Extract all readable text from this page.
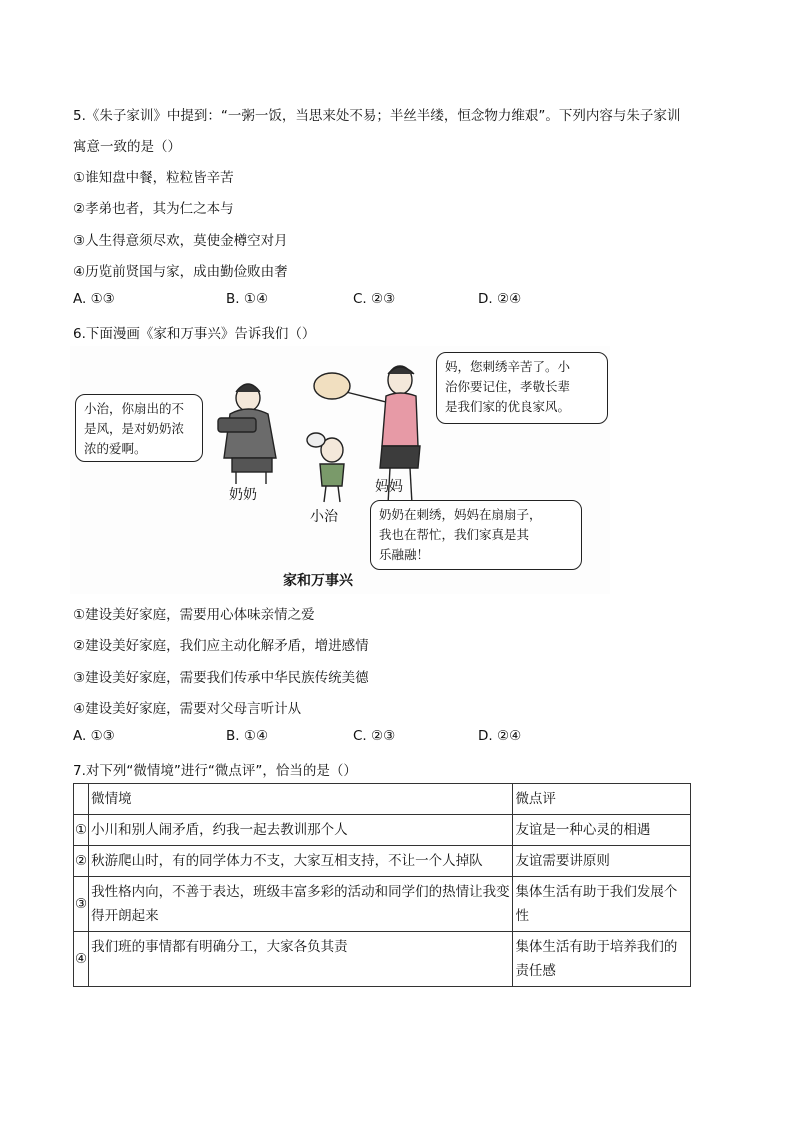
5.《朱子家训》中提到：“一粥一饭，当思来处不易；半丝半缕，恒念物力维艰”。下列内容与朱子家训
寓意一致的是（）
①谁知盘中餐，粒粒皆辛苦
②孝弟也者，其为仁之本与
③人生得意须尽欢，莫使金樽空对月
④历览前贤国与家，成由勤俭败由奢
A. ①③	B. ①④	C. ②③	D. ②④
6.下面漫画《家和万事兴》告诉我们（）
小治，你扇出的不
是风，是对奶奶浓
浓的爱啊。
妈，您刺绣辛苦了。小
治你要记住，孝敬长辈
是我们家的优良家风。
奶奶在刺绣，妈妈在扇扇子，
我也在帮忙，我们家真是其
乐融融！
奶奶	妈妈
小治
家和万事兴
①建设美好家庭，需要用心体味亲情之爱
②建设美好家庭，我们应主动化解矛盾，增进感情
③建设美好家庭，需要我们传承中华民族传统美德
④建设美好家庭，需要对父母言听计从
A. ①③	B. ①④	C. ②③	D. ②④
7.对下列“微情境”进行“微点评”，恰当的是（）
	微情境	微点评
①	小川和别人闹矛盾，约我一起去教训那个人	友谊是一种心灵的相遇
②	秋游爬山时，有的同学体力不支，大家互相支持，不让一个人掉队	友谊需要讲原则
③	我性格内向，不善于表达，班级丰富多彩的活动和同学们的热情让我变得开朗起来	集体生活有助于我们发展个性
④	我们班的事情都有明确分工，大家各负其责	集体生活有助于培养我们的责任感
